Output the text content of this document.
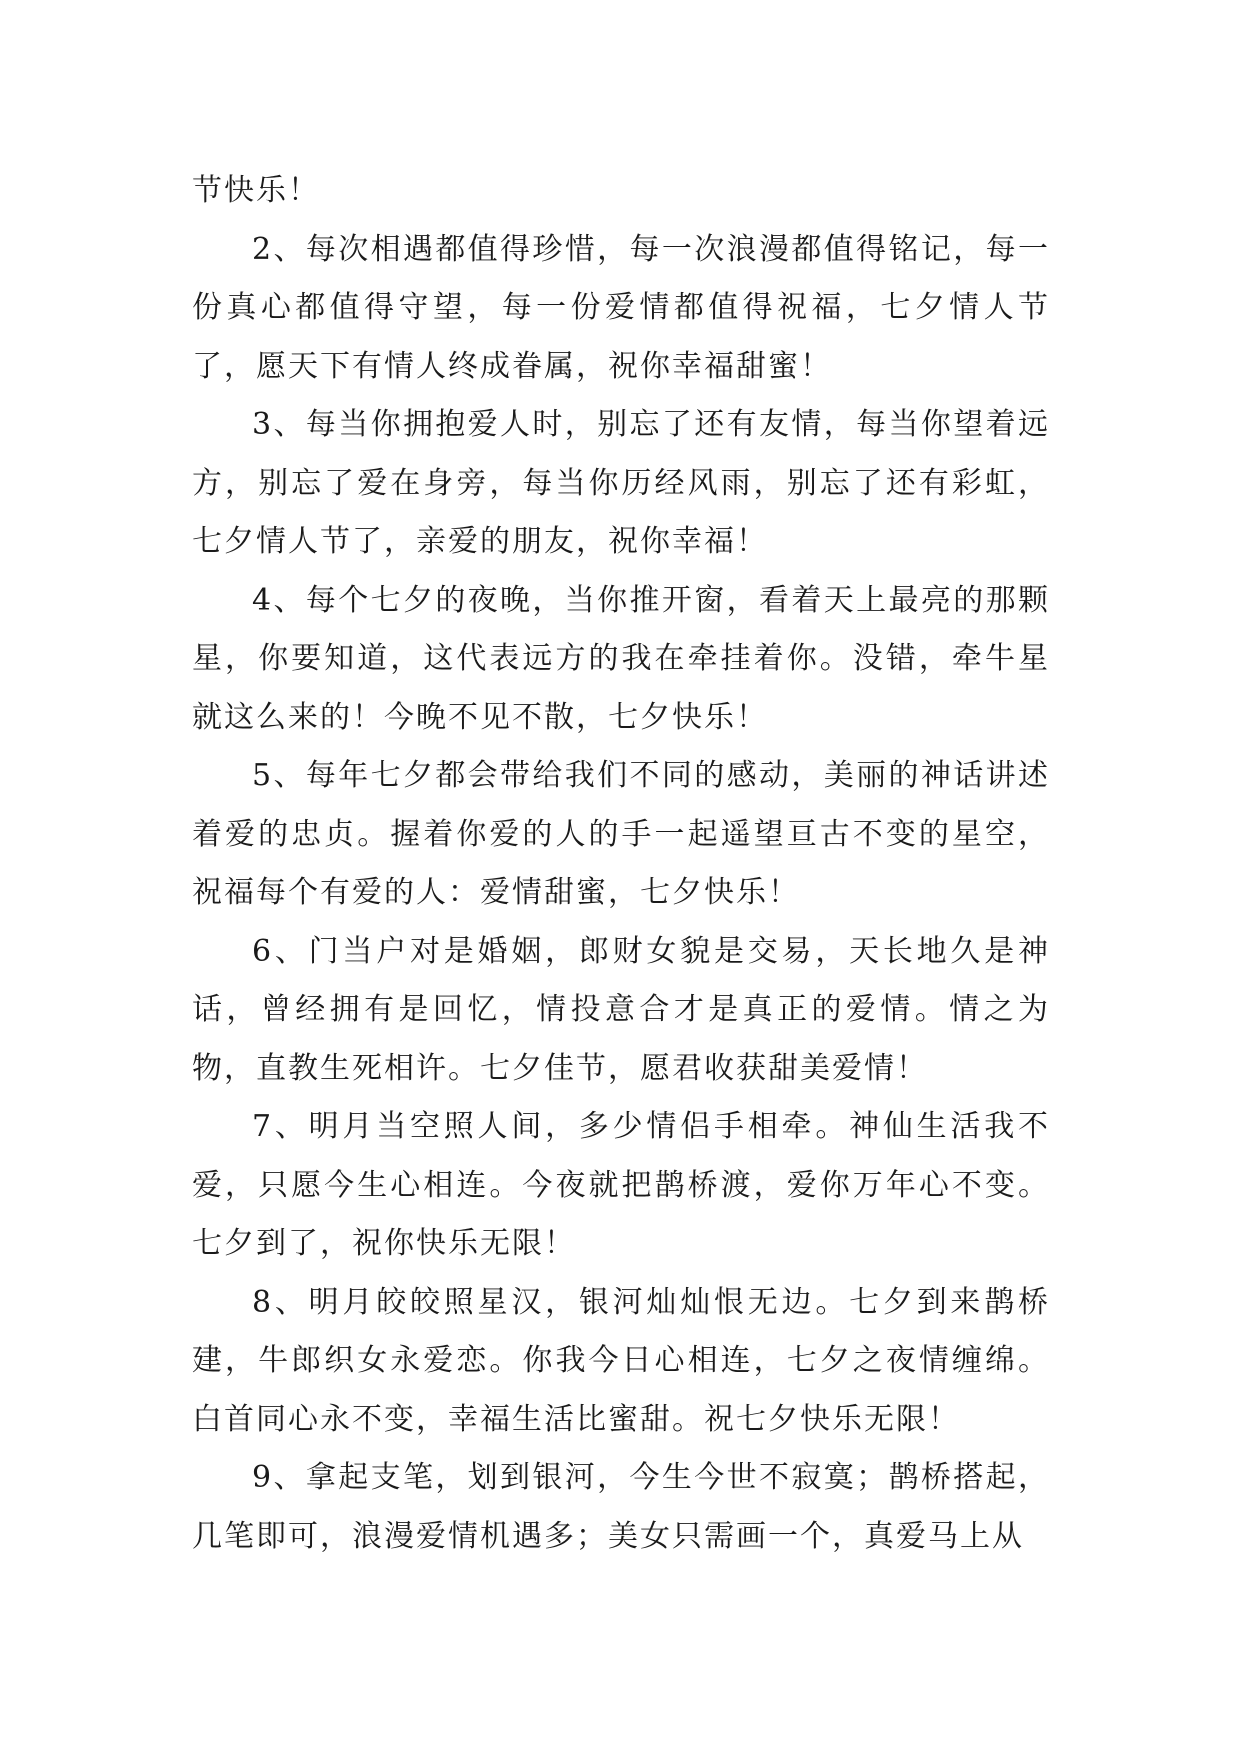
节快乐！

2、每次相遇都值得珍惜，每一次浪漫都值得铭记，每一份真心都值得守望，每一份爱情都值得祝福，七夕情人节了，愿天下有情人终成眷属，祝你幸福甜蜜！

3、每当你拥抱爱人时，别忘了还有友情，每当你望着远方，别忘了爱在身旁，每当你历经风雨，别忘了还有彩虹，七夕情人节了，亲爱的朋友，祝你幸福！

4、每个七夕的夜晚，当你推开窗，看着天上最亮的那颗星，你要知道，这代表远方的我在牵挂着你。没错，牵牛星就这么来的！今晚不见不散，七夕快乐！

5、每年七夕都会带给我们不同的感动，美丽的神话讲述着爱的忠贞。握着你爱的人的手一起遥望亘古不变的星空，祝福每个有爱的人：爱情甜蜜，七夕快乐！

6、门当户对是婚姻，郎财女貌是交易，天长地久是神话，曾经拥有是回忆，情投意合才是真正的爱情。情之为物，直教生死相许。七夕佳节，愿君收获甜美爱情！

7、明月当空照人间，多少情侣手相牵。神仙生活我不爱，只愿今生心相连。今夜就把鹊桥渡，爱你万年心不变。七夕到了，祝你快乐无限！

8、明月皎皎照星汉，银河灿灿恨无边。七夕到来鹊桥建，牛郎织女永爱恋。你我今日心相连，七夕之夜情缠绵。白首同心永不变，幸福生活比蜜甜。祝七夕快乐无限！

9、拿起支笔，划到银河，今生今世不寂寞；鹊桥搭起，几笔即可，浪漫爱情机遇多；美女只需画一个，真爱马上从
